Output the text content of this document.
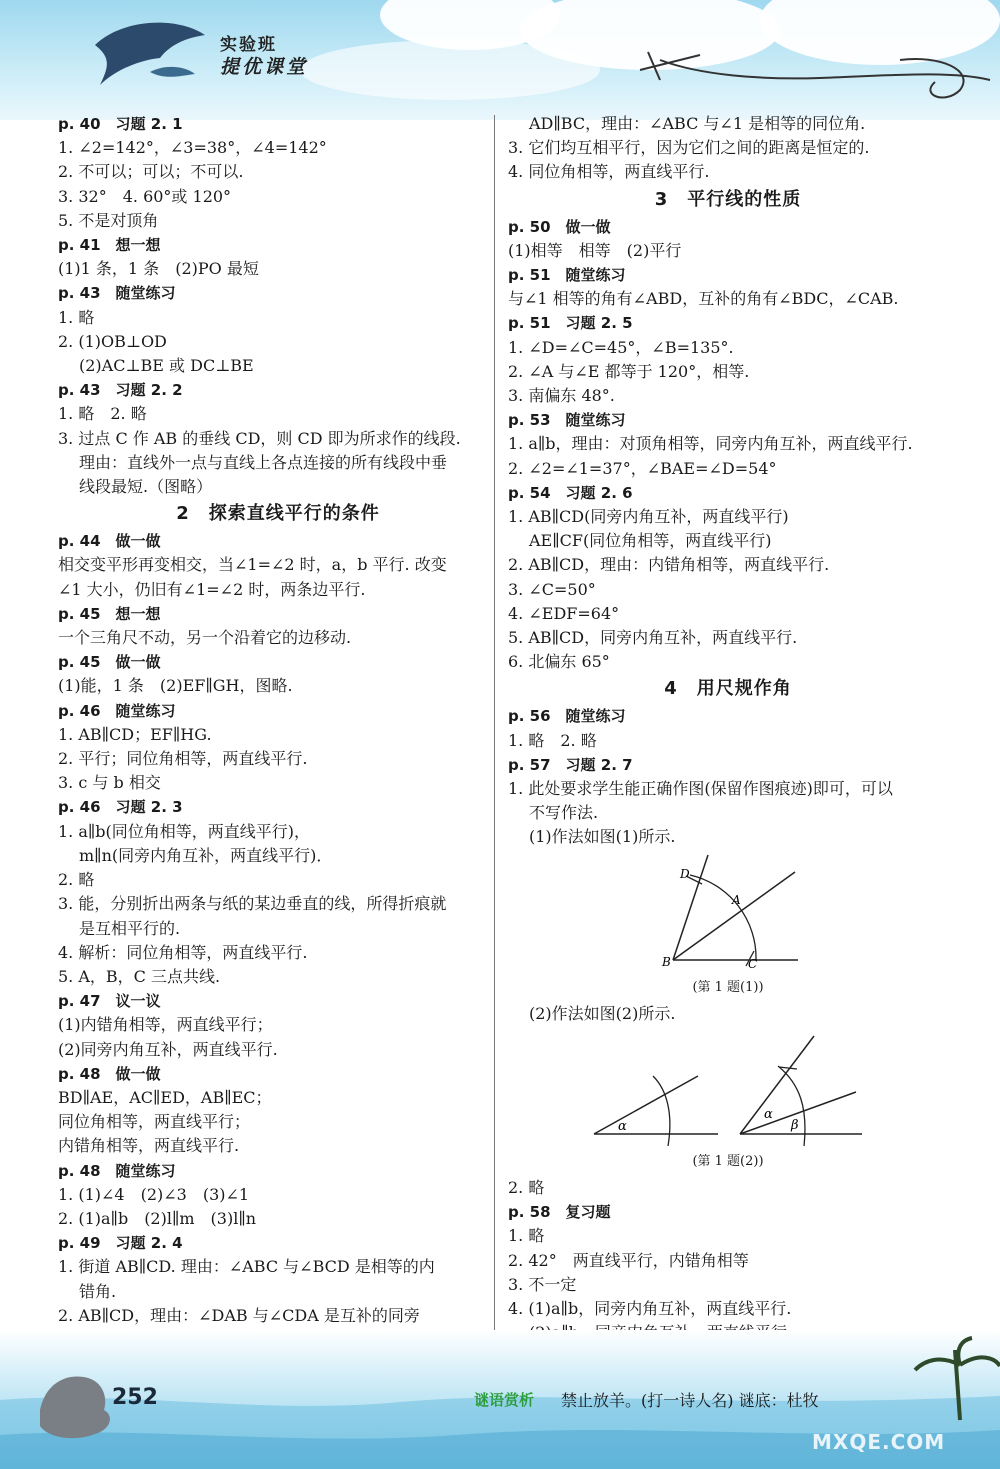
实验班
提优课堂
p. 40　习题 2. 1
1. ∠2=142°，∠3=38°，∠4=142°
2. 不可以；可以；不可以.
3. 32°　4. 60°或 120°
5. 不是对顶角
p. 41　想一想
(1)1 条，1 条　(2)PO 最短
p. 43　随堂练习
1. 略
2. (1)OB⊥OD
(2)AC⊥BE 或 DC⊥BE
p. 43　习题 2. 2
1. 略　2. 略
3. 过点 C 作 AB 的垂线 CD，则 CD 即为所求作的线段.
理由：直线外一点与直线上各点连接的所有线段中垂
线段最短.（图略）
2　探索直线平行的条件
p. 44　做一做
相交变平形再变相交，当∠1=∠2 时，a，b 平行. 改变
∠1 大小，仍旧有∠1=∠2 时，两条边平行.
p. 45　想一想
一个三角尺不动，另一个沿着它的边移动.
p. 45　做一做
(1)能，1 条　(2)EF∥GH，图略.
p. 46　随堂练习
1. AB∥CD；EF∥HG.
2. 平行；同位角相等，两直线平行.
3. c 与 b 相交
p. 46　习题 2. 3
1. a∥b(同位角相等，两直线平行)，
m∥n(同旁内角互补，两直线平行)．
2. 略
3. 能，分别折出两条与纸的某边垂直的线，所得折痕就
是互相平行的.
4. 解析：同位角相等，两直线平行.
5. A，B，C 三点共线.
p. 47　议一议
(1)内错角相等，两直线平行；
(2)同旁内角互补，两直线平行.
p. 48　做一做
BD∥AE，AC∥ED，AB∥EC；
同位角相等，两直线平行；
内错角相等，两直线平行.
p. 48　随堂练习
1. (1)∠4　(2)∠3　(3)∠1
2. (1)a∥b　(2)l∥m　(3)l∥n
p. 49　习题 2. 4
1. 街道 AB∥CD. 理由：∠ABC 与∠BCD 是相等的内
错角.
2. AB∥CD，理由：∠DAB 与∠CDA 是互补的同旁
AD∥BC，理由：∠ABC 与∠1 是相等的同位角.
3. 它们均互相平行，因为它们之间的距离是恒定的.
4. 同位角相等，两直线平行.
3　平行线的性质
p. 50　做一做
(1)相等　相等　(2)平行
p. 51　随堂练习
与∠1 相等的角有∠ABD，互补的角有∠BDC，∠CAB.
p. 51　习题 2. 5
1. ∠D=∠C=45°，∠B=135°.
2. ∠A 与∠E 都等于 120°，相等.
3. 南偏东 48°.
p. 53　随堂练习
1. a∥b，理由：对顶角相等，同旁内角互补，两直线平行.
2. ∠2=∠1=37°，∠BAE=∠D=54°
p. 54　习题 2. 6
1. AB∥CD(同旁内角互补，两直线平行)
AE∥CF(同位角相等，两直线平行)
2. AB∥CD，理由：内错角相等，两直线平行.
3. ∠C=50°
4. ∠EDF=64°
5. AB∥CD，同旁内角互补，两直线平行.
6. 北偏东 65°
4　用尺规作角
p. 56　随堂练习
1. 略　2. 略
p. 57　习题 2. 7
1. 此处要求学生能正确作图(保留作图痕迹)即可，可以
不写作法.
(1)作法如图(1)所示.
D
A
B	C
(第 1 题(1))
(2)作法如图(2)所示.
α
α
β
(第 1 题(2))
2. 略
p. 58　复习题
1. 略
2. 42°　两直线平行，内错角相等
3. 不一定
4. (1)a∥b，同旁内角互补，两直线平行.
252	谜语赏析 禁止放羊。(打一诗人名) 谜底：杜牧
MXQE.COM
